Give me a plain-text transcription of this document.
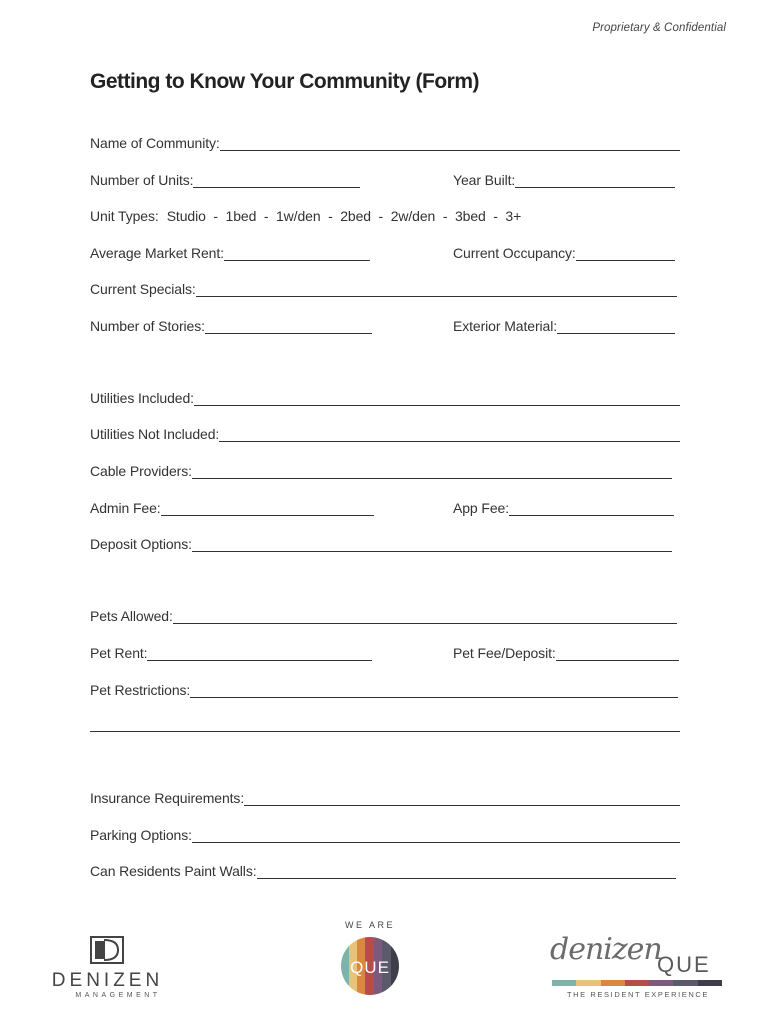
Proprietary & Confidential
Getting to Know Your Community (Form)
Name of Community:
Number of Units:	Year Built:
Unit Types: Studio  -  1bed  -  1w/den  -  2bed  -  2w/den  -  3bed  -  3+
Average Market Rent:	Current Occupancy:
Current Specials:
Number of Stories:	Exterior Material:
Utilities Included:
Utilities Not Included:
Cable Providers:
Admin Fee:	App Fee:
Deposit Options:
Pets Allowed:
Pet Rent:	Pet Fee/Deposit:
Pet Restrictions:
Insurance Requirements:
Parking Options:
Can Residents Paint Walls:
DENIZEN
MANAGEMENT
WE ARE
QUE
denizen
QUE
THE RESIDENT EXPERIENCE
